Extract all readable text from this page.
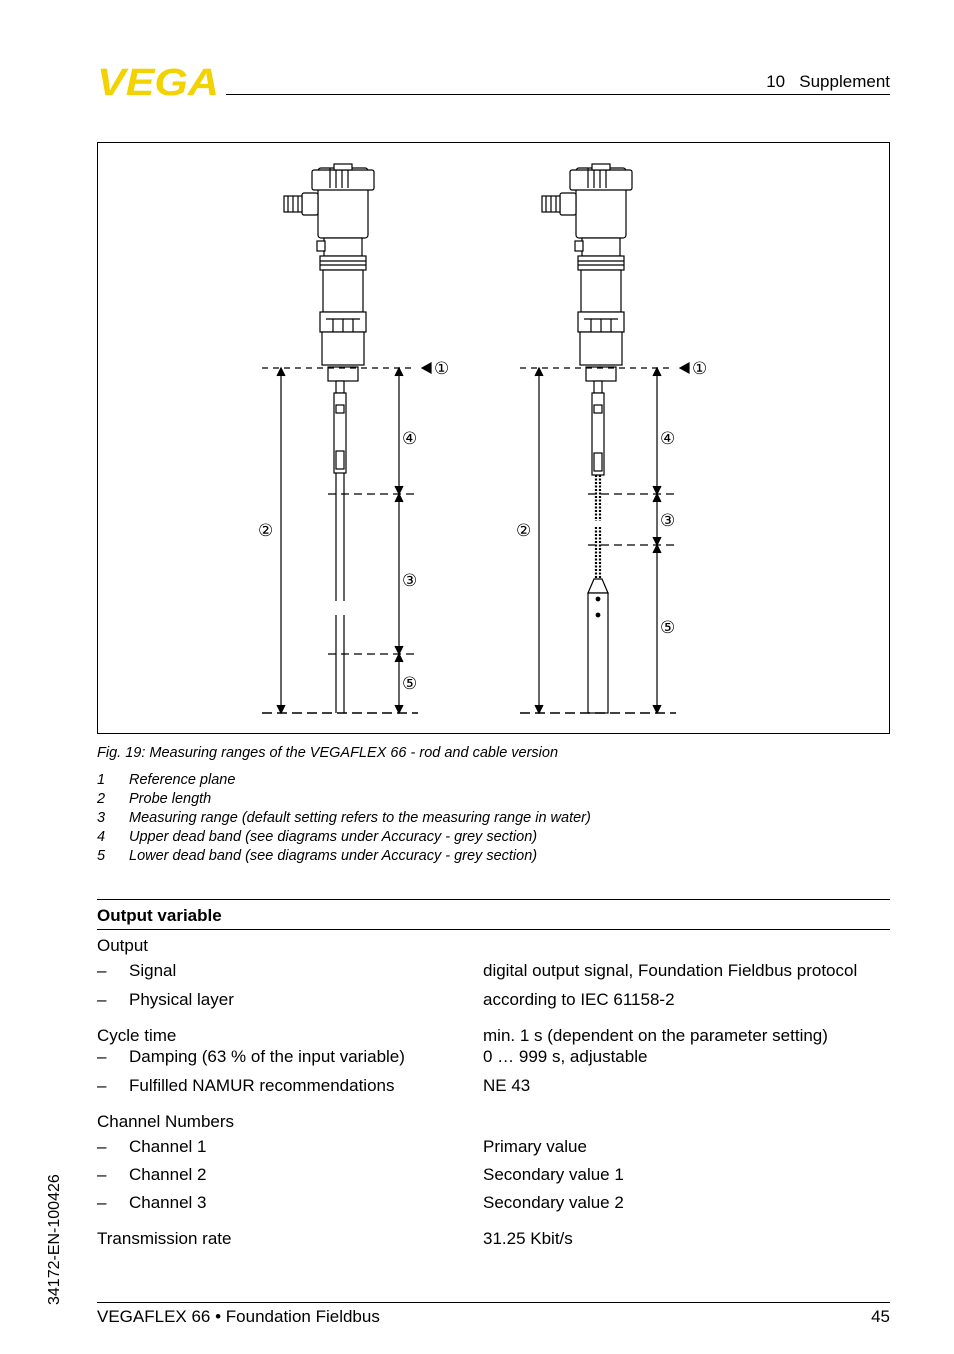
VEGA	10   Supplement
①
④
②
③
⑤
①
④
②	③
⑤
Fig. 19: Measuring ranges of the VEGAFLEX 66 - rod and cable version
1	Reference plane
2	Probe length
3	Measuring range (default setting refers to the measuring range in water)
4	Upper dead band (see diagrams under Accuracy - grey section)
5	Lower dead band (see diagrams under Accuracy - grey section)
Output variable
Output
– Signal	digital output signal, Foundation Fieldbus protocol
– Physical layer	according to IEC 61158-2
Cycle time	min. 1 s (dependent on the parameter setting)
– Damping (63 % of the input variable)	0 … 999 s, adjustable
– Fulfilled NAMUR recommendations	NE 43
Channel Numbers
– Channel 1	Primary value
– Channel 2	Secondary value 1
– Channel 3	Secondary value 2
Transmission rate	31.25 Kbit/s
34172-EN-100426
VEGAFLEX 66 • Foundation Fieldbus	45
